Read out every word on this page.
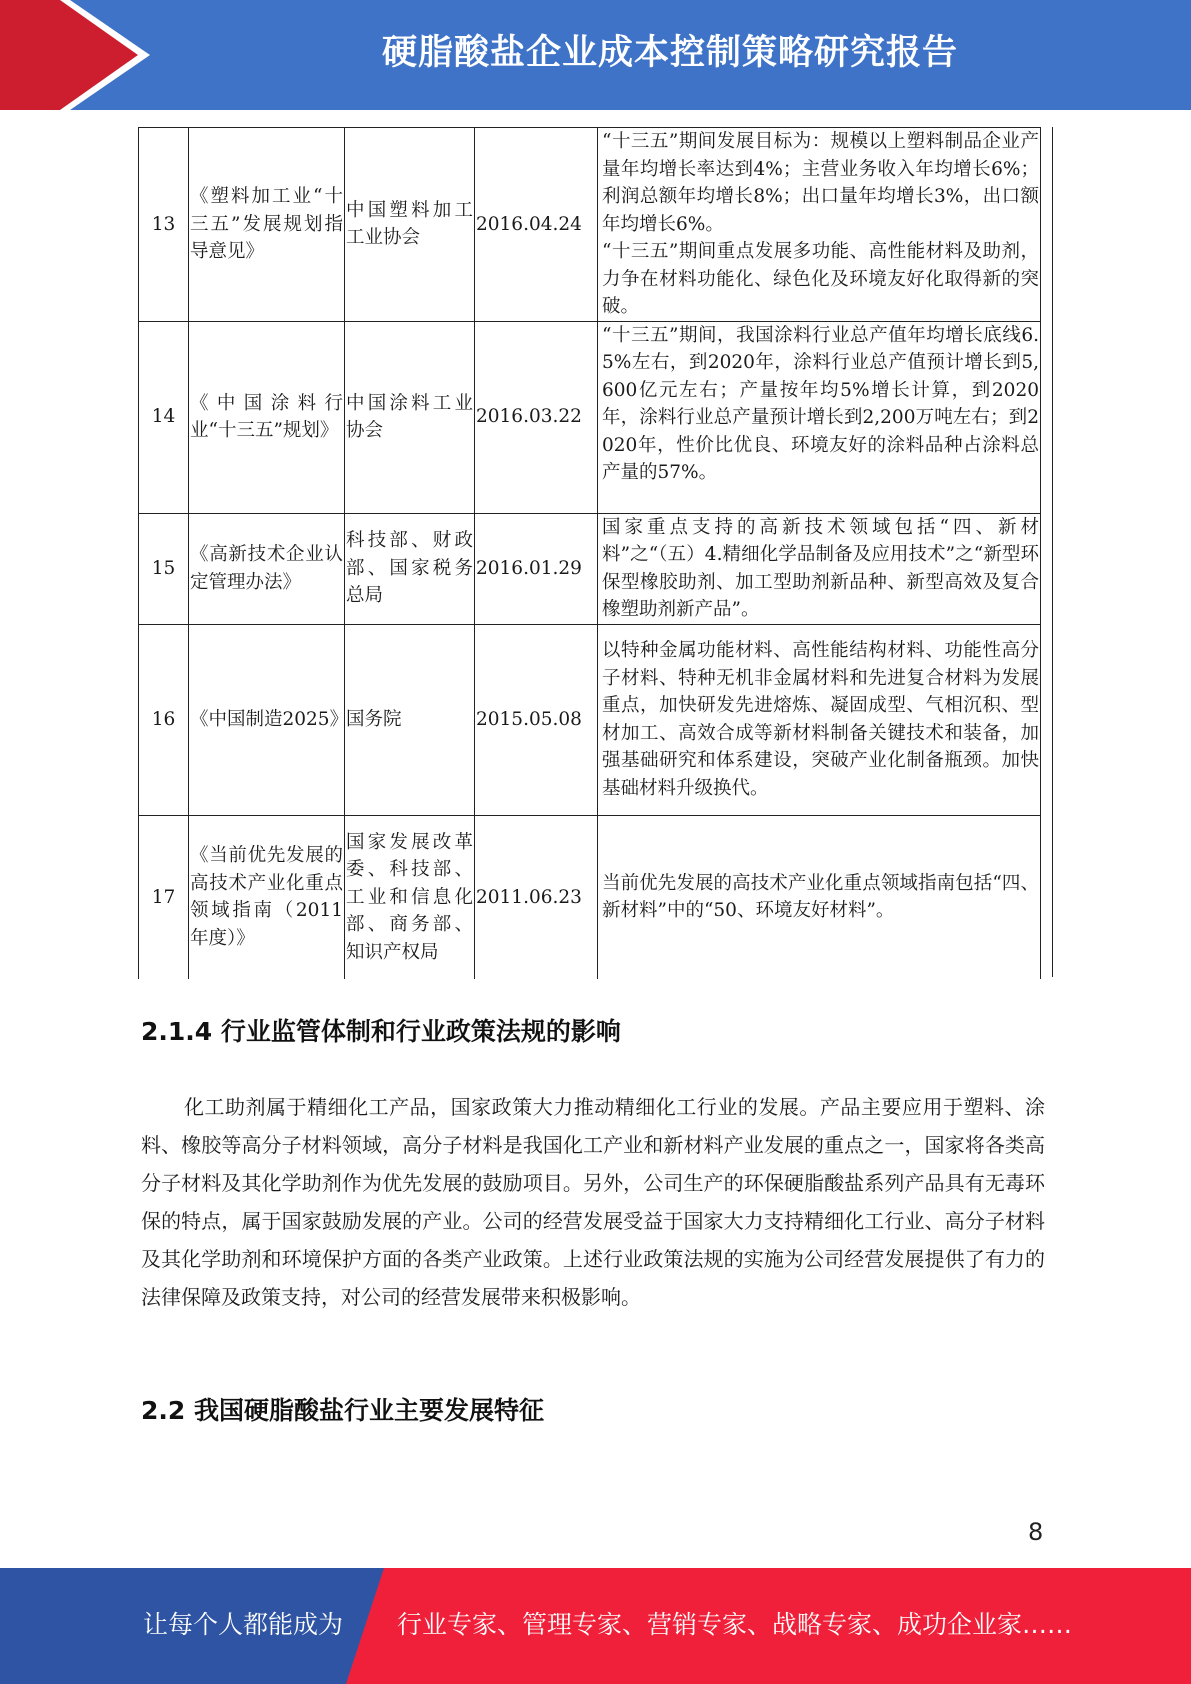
硬脂酸盐企业成本控制策略研究报告
13	《塑料加工业“十三五”发展规划指导意见》	中国塑料加工工业协会	2016.04.24	“十三五”期间发展目标为：规模以上塑料制品企业产量年均增长率达到4%；主营业务收入年均增长6%；利润总额年均增长8%；出口量年均增长3%，出口额年均增长6%。
“十三五”期间重点发展多功能、高性能材料及助剂，力争在材料功能化、绿色化及环境友好化取得新的突破。

14	《中国涂料行业“十三五”规划》	中国涂料工业协会	2016.03.22	“十三五”期间，我国涂料行业总产值年均增长底线6.5%左右，到2020年，涂料行业总产值预计增长到5,600亿元左右；产量按年均5%增长计算，到2020年，涂料行业总产量预计增长到2,200万吨左右；到2020年，性价比优良、环境友好的涂料品种占涂料总产量的57%。

15	《高新技术企业认定管理办法》	科技部、财政部、国家税务总局	2016.01.29	国家重点支持的高新技术领域包括“四、新材料”之“（五）4.精细化学品制备及应用技术”之“新型环保型橡胶助剂、加工型助剂新品种、新型高效及复合橡塑助剂新产品”。

16	《中国制造2025》	国务院	2015.05.08	以特种金属功能材料、高性能结构材料、功能性高分子材料、特种无机非金属材料和先进复合材料为发展重点，加快研发先进熔炼、凝固成型、气相沉积、型材加工、高效合成等新材料制备关键技术和装备，加强基础研究和体系建设，突破产业化制备瓶颈。加快基础材料升级换代。

17	《当前优先发展的高技术产业化重点领域指南（2011年度）》	国家发展改革委、科技部、工业和信息化部、商务部、知识产权局	2011.06.23	当前优先发展的高技术产业化重点领域指南包括“四、新材料”中的“50、环境友好材料”。
2.1.4 行业监管体制和行业政策法规的影响
化工助剂属于精细化工产品，国家政策大力推动精细化工行业的发展。产品主要应用于塑料、涂料、橡胶等高分子材料领域，高分子材料是我国化工产业和新材料产业发展的重点之一，国家将各类高分子材料及其化学助剂作为优先发展的鼓励项目。另外，公司生产的环保硬脂酸盐系列产品具有无毒环保的特点，属于国家鼓励发展的产业。公司的经营发展受益于国家大力支持精细化工行业、高分子材料及其化学助剂和环境保护方面的各类产业政策。上述行业政策法规的实施为公司经营发展提供了有力的法律保障及政策支持，对公司的经营发展带来积极影响。
2.2 我国硬脂酸盐行业主要发展特征
8
让每个人都能成为 行业专家、管理专家、营销专家、战略专家、成功企业家……
